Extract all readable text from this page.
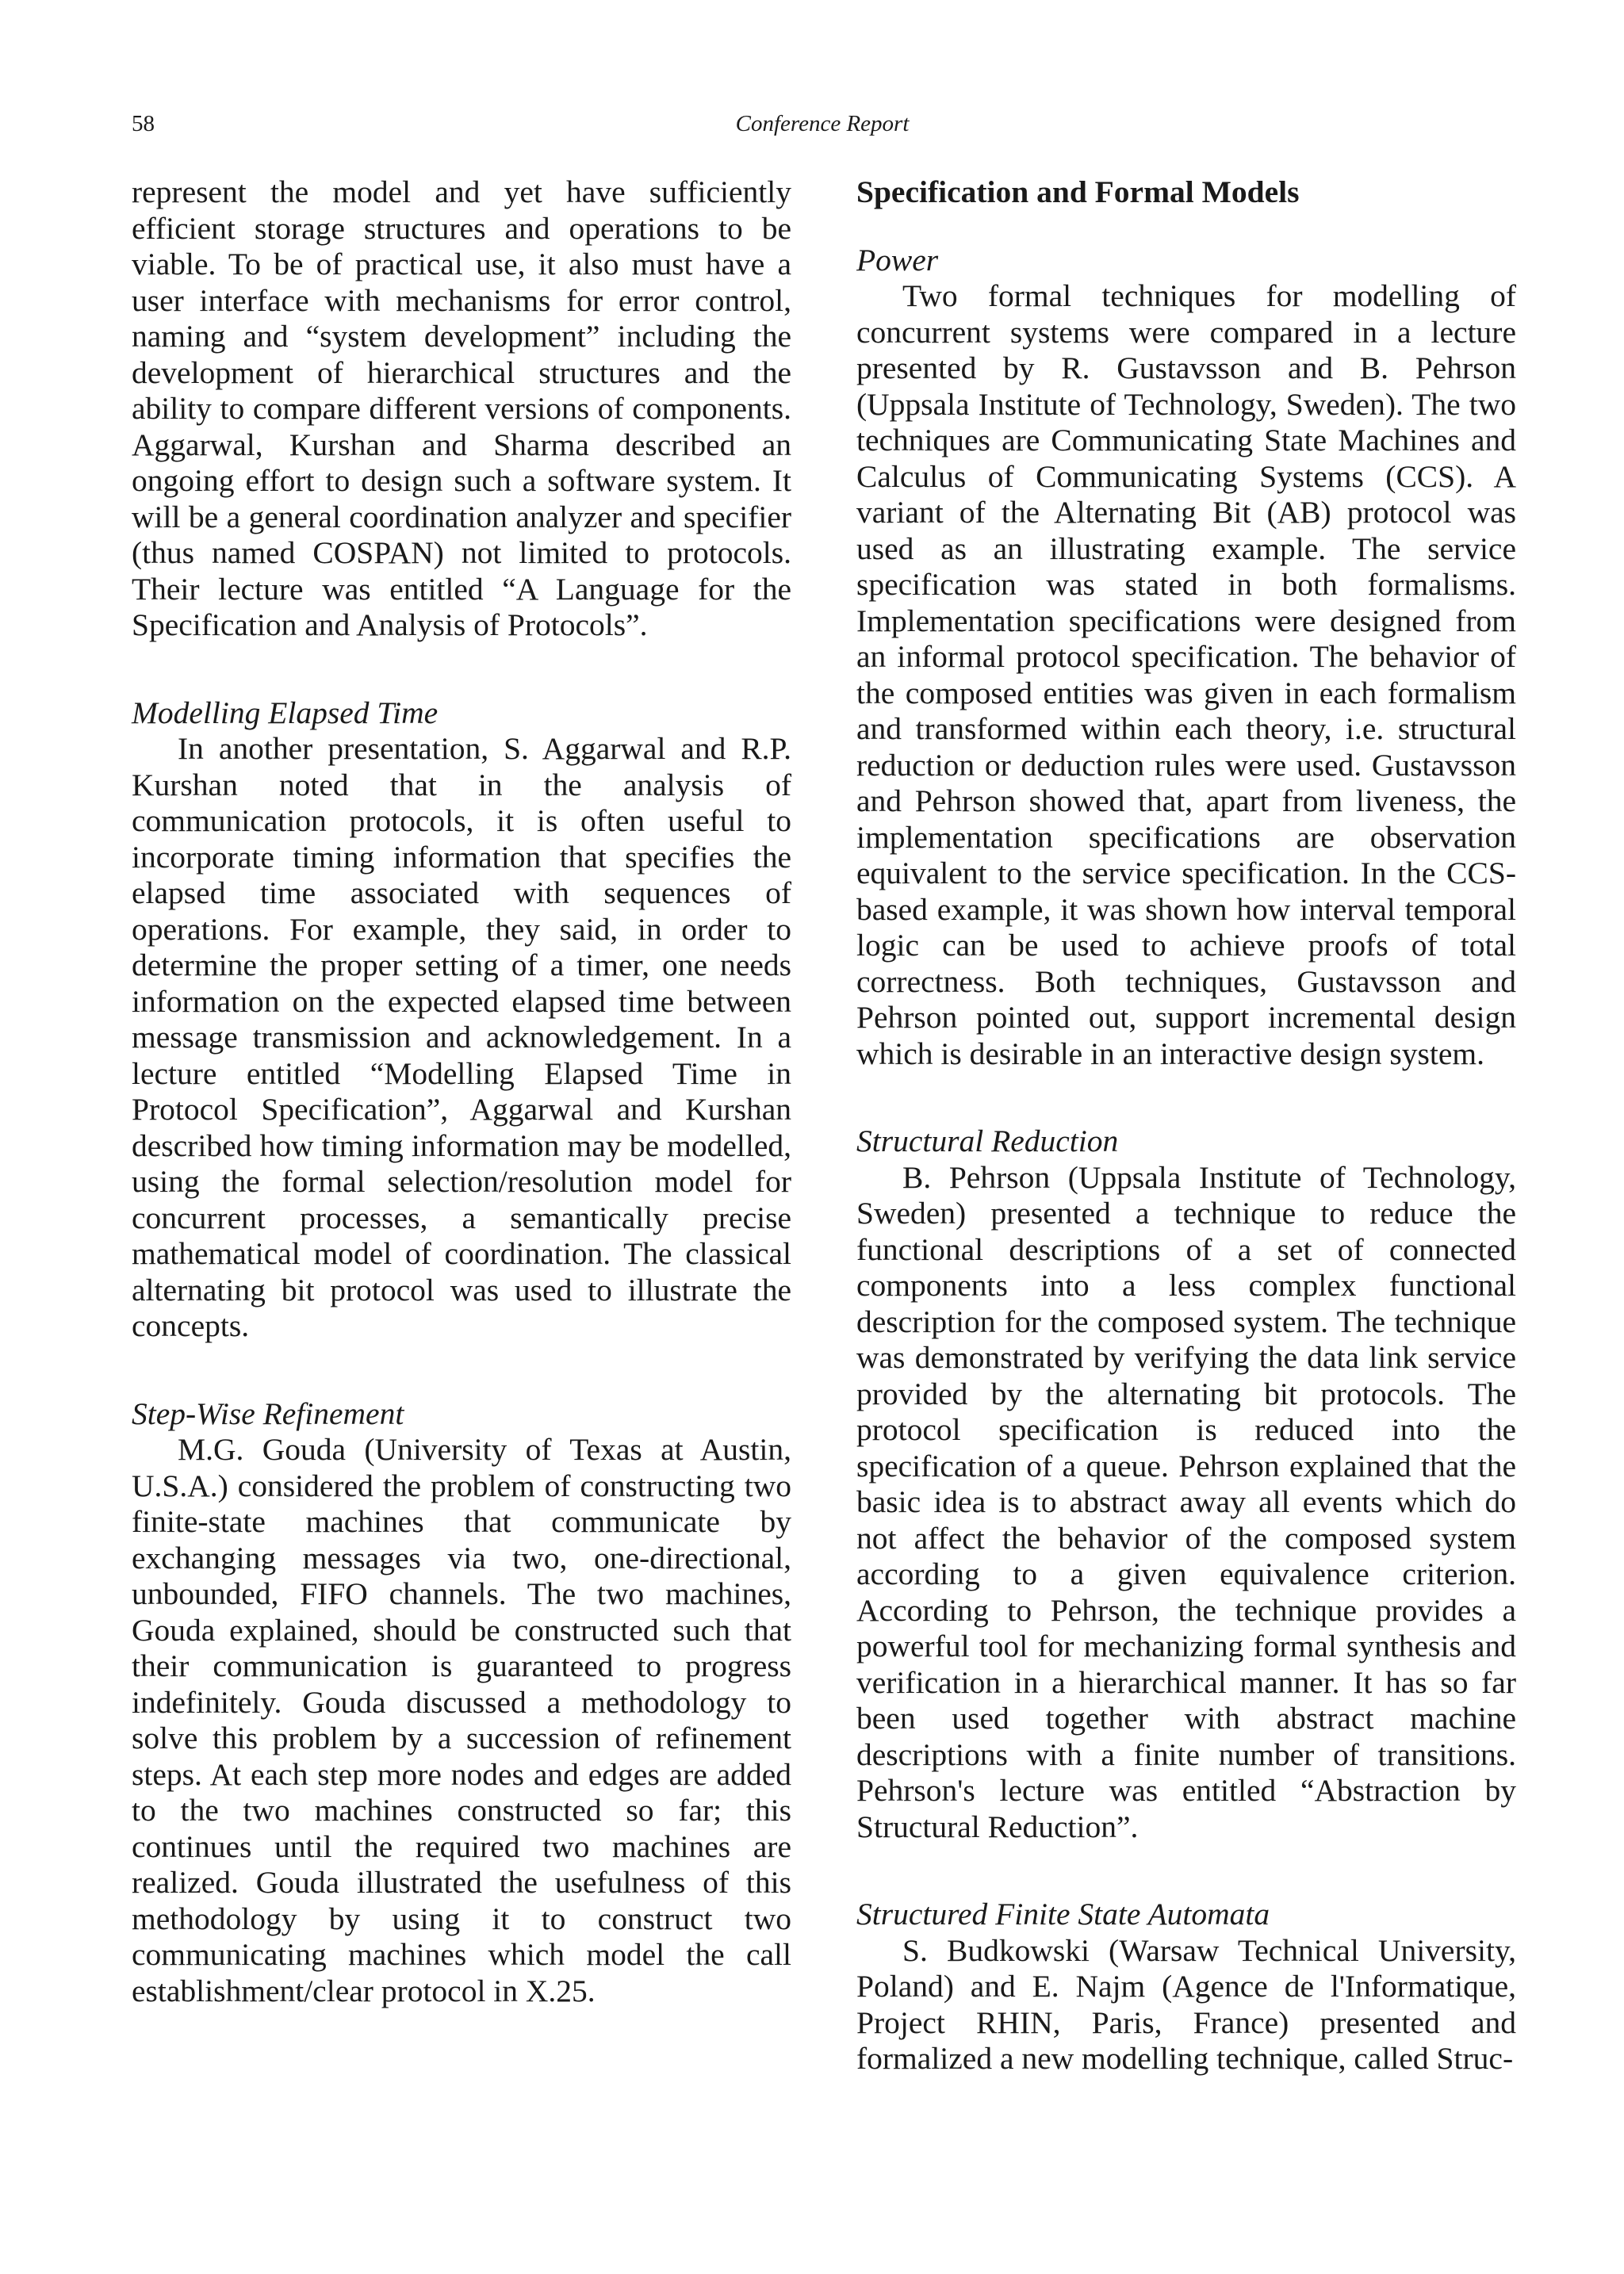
58	Conference Report

represent the model and yet have sufficiently efficient storage structures and operations to be viable. To be of practical use, it also must have a user interface with mechanisms for error control, naming and “system development” including the development of hierarchical structures and the ability to compare different versions of components. Aggarwal, Kurshan and Sharma described an ongoing effort to design such a software system. It will be a general coordination analyzer and specifier (thus named COSPAN) not limited to protocols. Their lecture was entitled “A Language for the Specification and Analysis of Protocols”.

Modelling Elapsed Time

In another presentation, S. Aggarwal and R.P. Kurshan noted that in the analysis of communication protocols, it is often useful to incorporate timing information that specifies the elapsed time associated with sequences of operations. For example, they said, in order to determine the proper setting of a timer, one needs information on the expected elapsed time between message transmission and acknowledgement. In a lecture entitled “Modelling Elapsed Time in Protocol Specification”, Aggarwal and Kurshan described how timing information may be modelled, using the formal selection/resolution model for concurrent processes, a semantically precise mathematical model of coordination. The classical alternating bit protocol was used to illustrate the concepts.

Step-Wise Refinement

M.G. Gouda (University of Texas at Austin, U.S.A.) considered the problem of constructing two finite-state machines that communicate by exchanging messages via two, one-directional, unbounded, FIFO channels. The two machines, Gouda explained, should be constructed such that their communication is guaranteed to progress indefinitely. Gouda discussed a methodology to solve this problem by a succession of refinement steps. At each step more nodes and edges are added to the two machines constructed so far; this continues until the required two machines are realized. Gouda illustrated the usefulness of this methodology by using it to construct two communicating machines which model the call establishment/clear protocol in X.25.

Specification and Formal Models
Power

Two formal techniques for modelling of concurrent systems were compared in a lecture presented by R. Gustavsson and B. Pehrson (Uppsala Institute of Technology, Sweden). The two techniques are Communicating State Machines and Calculus of Communicating Systems (CCS). A variant of the Alternating Bit (AB) protocol was used as an illustrating example. The service specification was stated in both formalisms. Implementation specifications were designed from an informal protocol specification. The behavior of the composed entities was given in each formalism and transformed within each theory, i.e. structural reduction or deduction rules were used. Gustavsson and Pehrson showed that, apart from liveness, the implementation specifications are observation equivalent to the service specification. In the CCS-based example, it was shown how interval temporal logic can be used to achieve proofs of total correctness. Both techniques, Gustavsson and Pehrson pointed out, support incremental design which is desirable in an interactive design system.

Structural Reduction

B. Pehrson (Uppsala Institute of Technology, Sweden) presented a technique to reduce the functional descriptions of a set of connected components into a less complex functional description for the composed system. The technique was demonstrated by verifying the data link service provided by the alternating bit protocols. The protocol specification is reduced into the specification of a queue. Pehrson explained that the basic idea is to abstract away all events which do not affect the behavior of the composed system according to a given equivalence criterion. According to Pehrson, the technique provides a powerful tool for mechanizing formal synthesis and verification in a hierarchical manner. It has so far been used together with abstract machine descriptions with a finite number of transitions. Pehrson's lecture was entitled “Abstraction by Structural Reduction”.

Structured Finite State Automata

S. Budkowski (Warsaw Technical University, Poland) and E. Najm (Agence de l'Informatique, Project RHIN, Paris, France) presented and formalized a new modelling technique, called Struc-
